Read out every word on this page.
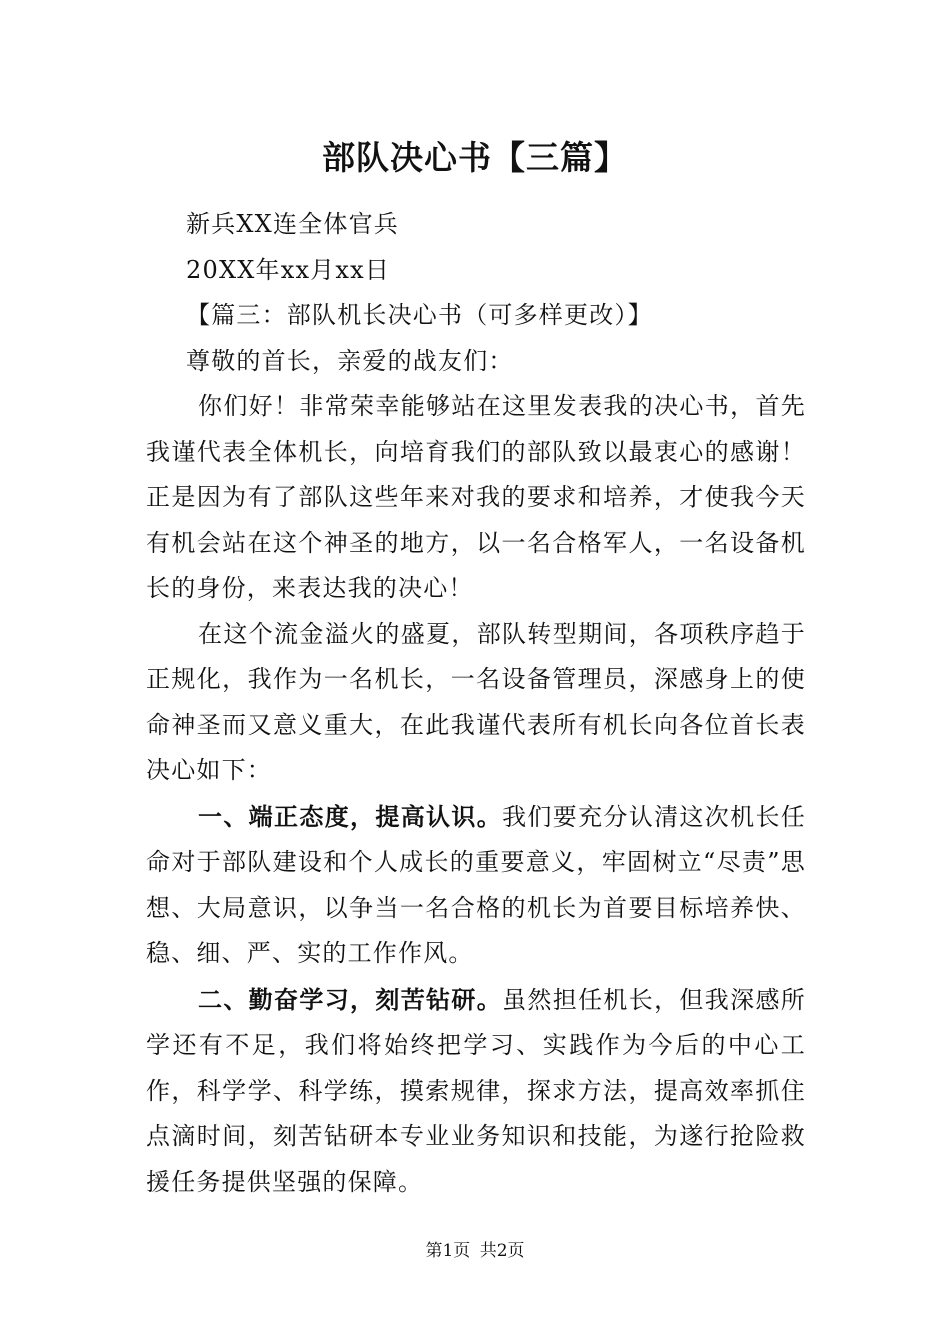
部队决心书【三篇】

新兵XX连全体官兵

20XX年xx月xx日

【篇三：部队机长决心书（可多样更改）】

尊敬的首长，亲爱的战友们：

你们好！非常荣幸能够站在这里发表我的决心书，首先我谨代表全体机长，向培育我们的部队致以最衷心的感谢！正是因为有了部队这些年来对我的要求和培养，才使我今天有机会站在这个神圣的地方，以一名合格军人，一名设备机长的身份，来表达我的决心！

在这个流金溢火的盛夏，部队转型期间，各项秩序趋于正规化，我作为一名机长，一名设备管理员，深感身上的使命神圣而又意义重大，在此我谨代表所有机长向各位首长表决心如下：

一、端正态度，提高认识。我们要充分认清这次机长任命对于部队建设和个人成长的重要意义，牢固树立“尽责”思想、大局意识，以争当一名合格的机长为首要目标培养快、稳、细、严、实的工作作风。

二、勤奋学习，刻苦钻研。虽然担任机长，但我深感所学还有不足，我们将始终把学习、实践作为今后的中心工作，科学学、科学练，摸索规律，探求方法，提高效率抓住点滴时间，刻苦钻研本专业业务知识和技能，为遂行抢险救援任务提供坚强的保障。

第1页 共2页
